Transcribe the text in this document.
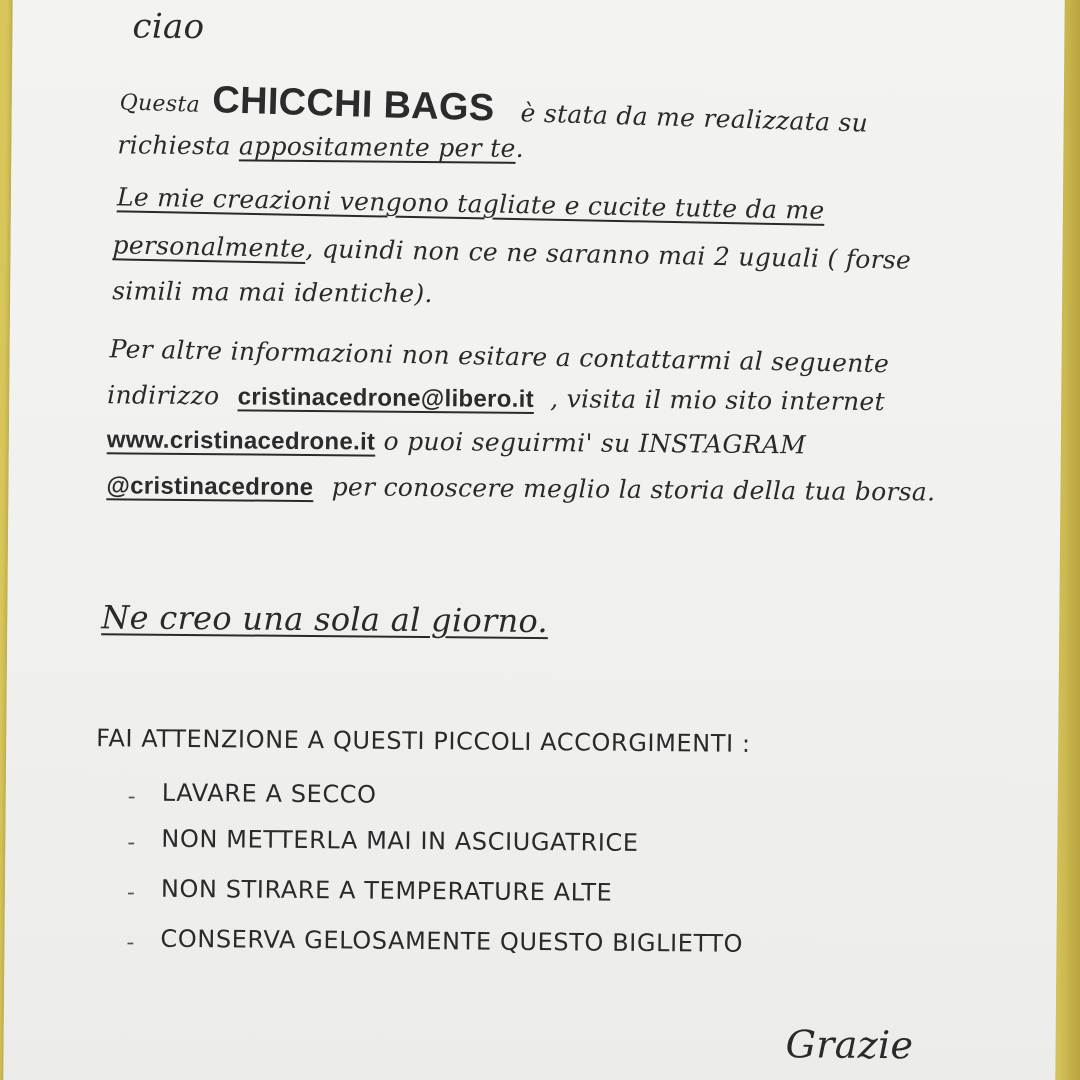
ciao
Questa CHICCHI BAGS è stata da me realizzata su
richiesta appositamente per te.
Le mie creazioni vengono tagliate e cucite tutte da me
personalmente, quindi non ce ne saranno mai 2 uguali ( forse
simili ma mai identiche).
Per altre informazioni non esitare a contattarmi al seguente
indirizzo cristinacedrone@libero.it , visita il mio sito internet
www.cristinacedrone.it o puoi seguirmi' su INSTAGRAM
@cristinacedrone per conoscere meglio la storia della tua borsa.
Ne creo una sola al giorno.
FAI ATTENZIONE A QUESTI PICCOLI ACCORGIMENTI :
- LAVARE A SECCO
- NON METTERLA MAI IN ASCIUGATRICE
- NON STIRARE A TEMPERATURE ALTE
- CONSERVA GELOSAMENTE QUESTO BIGLIETTO
Grazie
